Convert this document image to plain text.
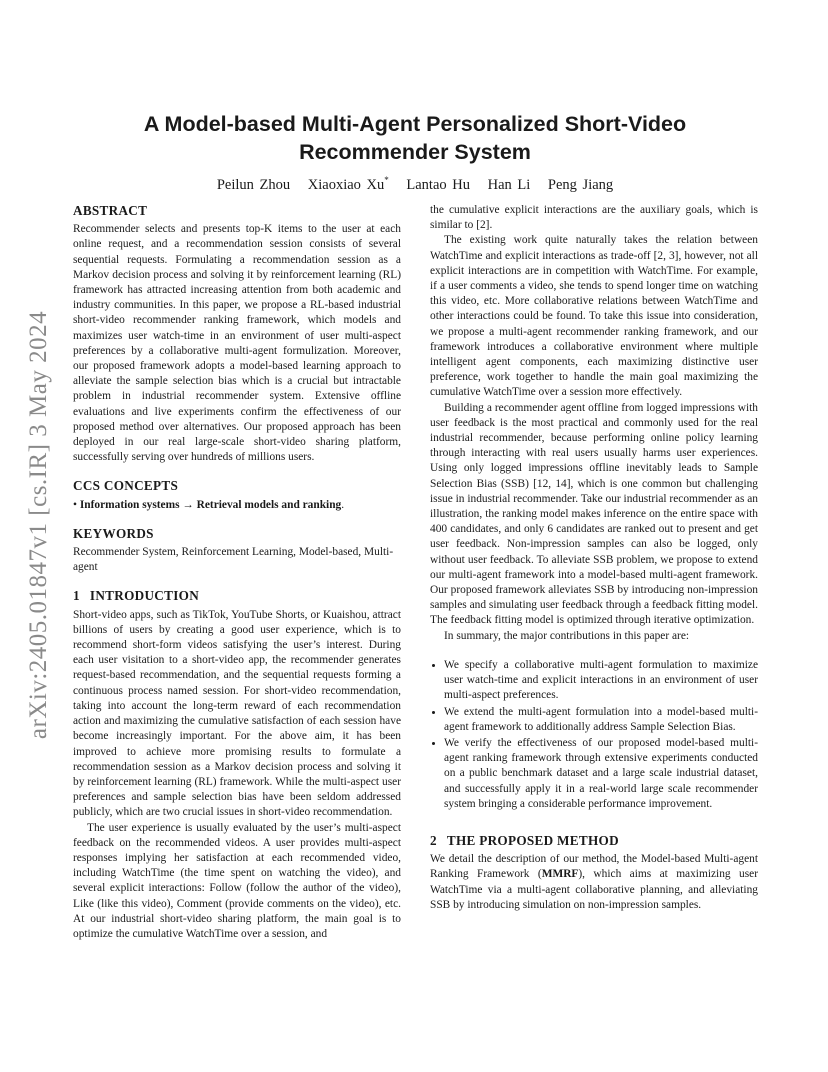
arXiv:2405.01847v1 [cs.IR] 3 May 2024
A Model-based Multi-Agent Personalized Short-Video Recommender System
Peilun Zhou Xiaoxiao Xu* Lantao Hu Han Li Peng Jiang
ABSTRACT

Recommender selects and presents top-K items to the user at each online request, and a recommendation session consists of several sequential requests. Formulating a recommendation session as a Markov decision process and solving it by reinforcement learning (RL) framework has attracted increasing attention from both academic and industry communities. In this paper, we propose a RL-based industrial short-video recommender ranking framework, which models and maximizes user watch-time in an environment of user multi-aspect preferences by a collaborative multi-agent formulization. Moreover, our proposed framework adopts a model-based learning approach to alleviate the sample selection bias which is a crucial but intractable problem in industrial recommender system. Extensive offline evaluations and live experiments confirm the effectiveness of our proposed method over alternatives. Our proposed approach has been deployed in our real large-scale short-video sharing platform, successfully serving over hundreds of millions users.

CCS CONCEPTS

• Information systems → Retrieval models and ranking.

KEYWORDS

Recommender System, Reinforcement Learning, Model-based, Multi-agent

1 INTRODUCTION

Short-video apps, such as TikTok, YouTube Shorts, or Kuaishou, attract billions of users by creating a good user experience, which is to recommend short-form videos satisfying the user’s interest. During each user visitation to a short-video app, the recommender generates request-based recommendation, and the sequential requests forming a continuous process named session. For short-video recommendation, taking into account the long-term reward of each recommendation action and maximizing the cumulative satisfaction of each session have become increasingly important. For the above aim, it has been improved to achieve more promising results to formulate a recommendation session as a Markov decision process and solving it by reinforcement learning (RL) framework. While the multi-aspect user preferences and sample selection bias have been seldom addressed publicly, which are two crucial issues in short-video recommendation.

The user experience is usually evaluated by the user’s multi-aspect feedback on the recommended videos. A user provides multi-aspect responses implying her satisfaction at each recommended video, including WatchTime (the time spent on watching the video), and several explicit interactions: Follow (follow the author of the video), Like (like this video), Comment (provide comments on the video), etc. At our industrial short-video sharing platform, the main goal is to optimize the cumulative WatchTime over a session, and

the cumulative explicit interactions are the auxiliary goals, which is similar to [2].

The existing work quite naturally takes the relation between WatchTime and explicit interactions as trade-off [2, 3], however, not all explicit interactions are in competition with WatchTime. For example, if a user comments a video, she tends to spend longer time on watching this video, etc. More collaborative relations between WatchTime and other interactions could be found. To take this issue into consideration, we propose a multi-agent recommender ranking framework, and our framework introduces a collaborative environment where multiple intelligent agent components, each maximizing distinctive user preference, work together to handle the main goal maximizing the cumulative WatchTime over a session more effectively.

Building a recommender agent offline from logged impressions with user feedback is the most practical and commonly used for the real industrial recommender, because performing online policy learning through interacting with real users usually harms user experiences. Using only logged impressions offline inevitably leads to Sample Selection Bias (SSB) [12, 14], which is one common but challenging issue in industrial recommender. Take our industrial recommender as an illustration, the ranking model makes inference on the entire space with 400 candidates, and only 6 candidates are ranked out to present and get user feedback. Non-impression samples can also be logged, only without user feedback. To alleviate SSB problem, we propose to extend our multi-agent framework into a model-based multi-agent framework. Our proposed framework alleviates SSB by introducing non-impression samples and simulating user feedback through a feedback fitting model. The feedback fitting model is optimized through iterative optimization.

In summary, the major contributions in this paper are:

• We specify a collaborative multi-agent formulation to maximize user watch-time and explicit interactions in an environment of user multi-aspect preferences.
• We extend the multi-agent formulation into a model-based multi-agent framework to additionally address Sample Selection Bias.
• We verify the effectiveness of our proposed model-based multi-agent ranking framework through extensive experiments conducted on a public benchmark dataset and a large scale industrial dataset, and successfully apply it in a real-world large scale recommender system bringing a considerable performance improvement.
2 THE PROPOSED METHOD

We detail the description of our method, the Model-based Multi-agent Ranking Framework (MMRF), which aims at maximizing user WatchTime via a multi-agent collaborative planning, and alleviating SSB by introducing simulation on non-impression samples.
